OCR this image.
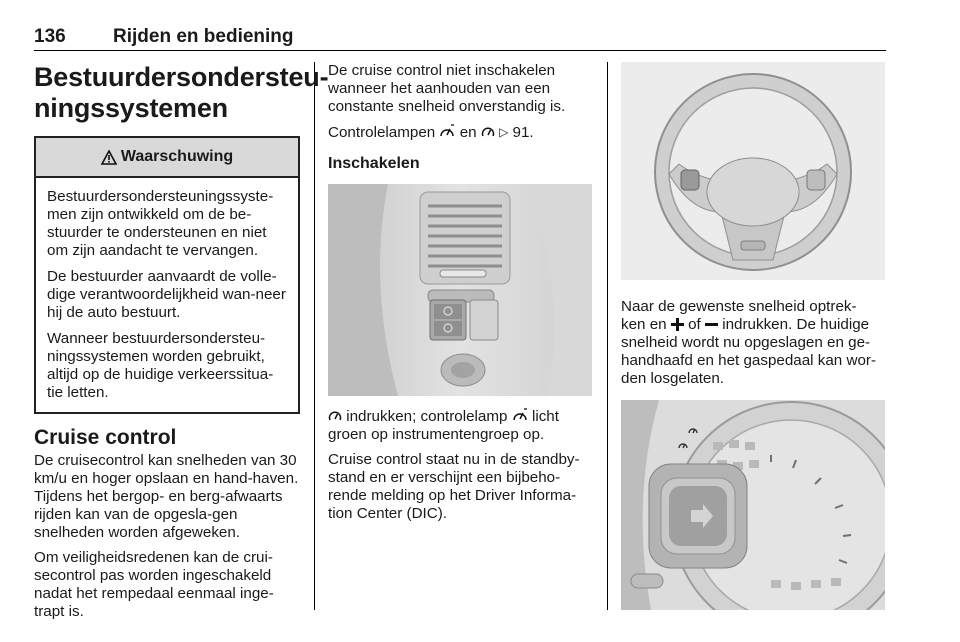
136 Rijden en bediening
Bestuurdersondersteu-
ningssystemen
Waarschuwing

Bestuurdersondersteuningssyste-men zijn ontwikkeld om de be-stuurder te ondersteunen en niet om zijn aandacht te vervangen.

De bestuurder aanvaardt de volle-dige verantwoordelijkheid wan-neer hij de auto bestuurt.

Wanneer bestuurdersondersteu-ningssystemen worden gebruikt, altijd op de huidige verkeerssitua-tie letten.

Cruise control

De cruisecontrol kan snelheden van 30 km/u en hoger opslaan en hand-haven. Tijdens het bergop- en berg-afwaarts rijden kan van de opgesla-gen snelheden worden afgeweken.

Om veiligheidsredenen kan de crui-secontrol pas worden ingeschakeld nadat het rempedaal eenmaal inge-trapt is.

De cruise control niet inschakelen wanneer het aanhouden van een constante snelheid onverstandig is.

Controlelampen en ▷ 91.

Inschakelen

indrukken; controlelamp licht groen op instrumentengroep op.

Cruise control staat nu in de standby-stand en er verschijnt een bijbeho-rende melding op het Driver Informa-tion Center (DIC).

Naar de gewenste snelheid optrek-
ken en of indrukken. De huidige
snelheid wordt nu opgeslagen en ge-handhaafd en het gaspedaal kan wor-den losgelaten.
